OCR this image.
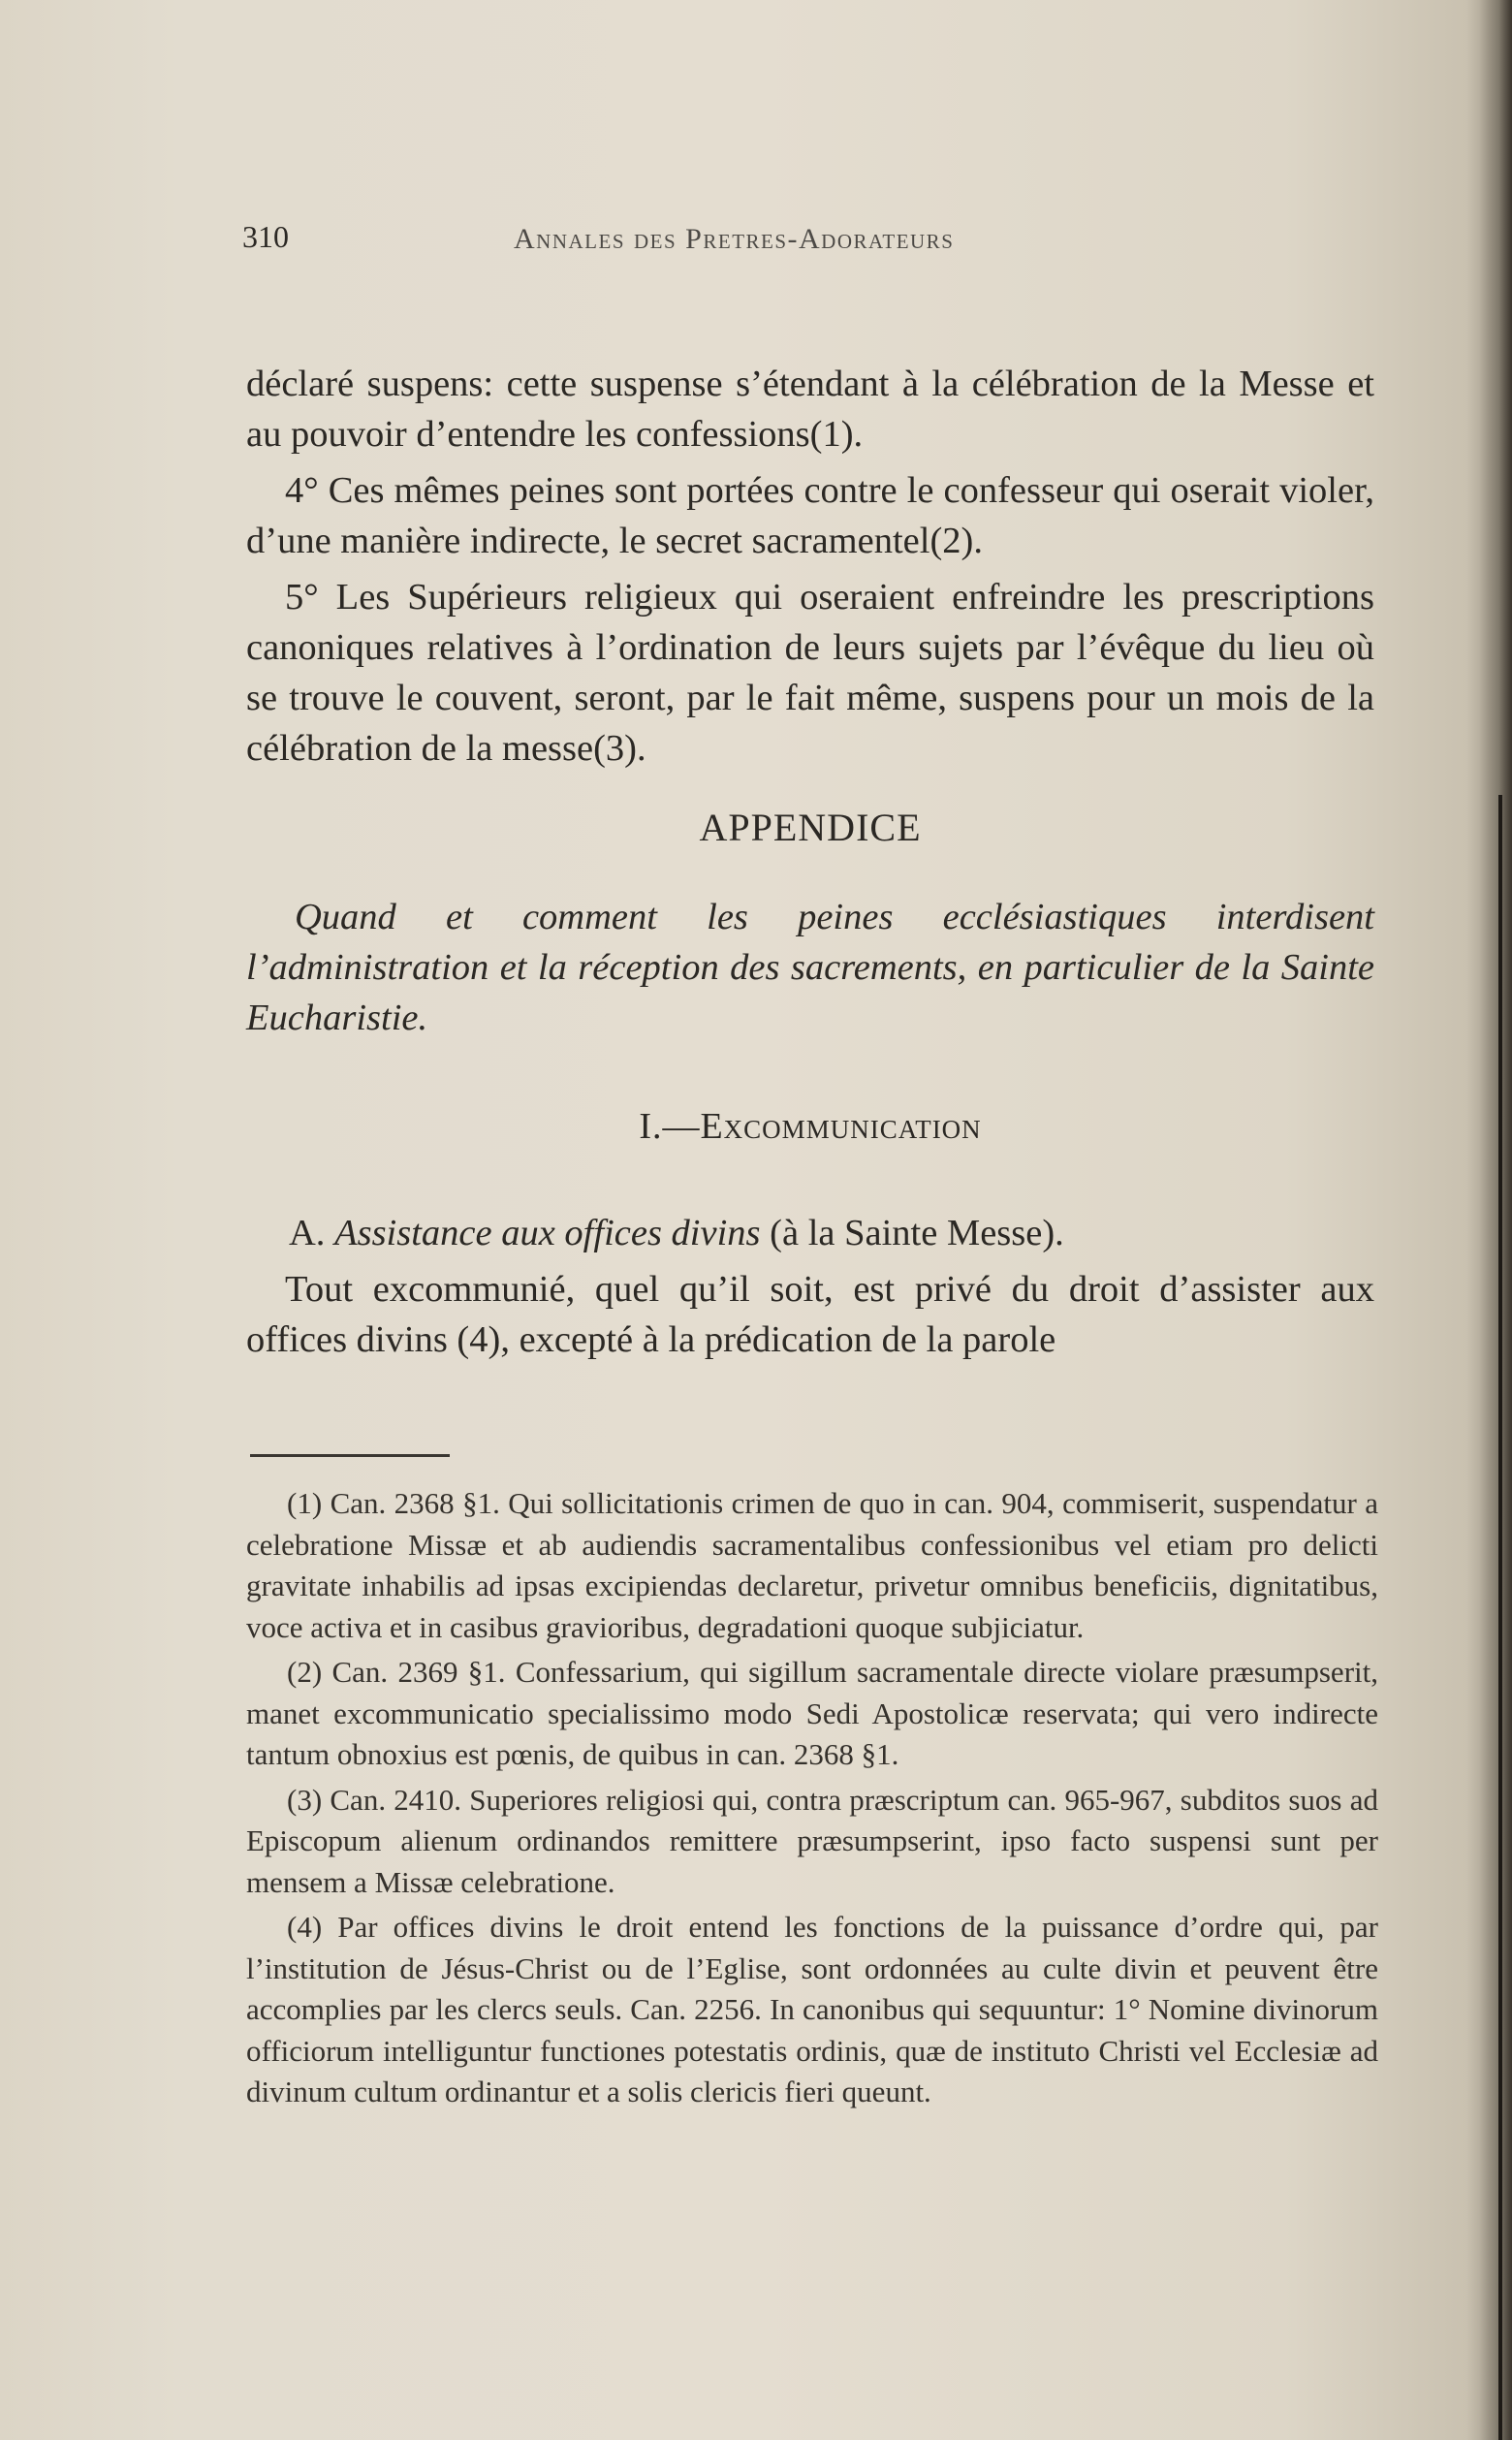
310	Annales des Pretres-Adorateurs

déclaré suspens: cette suspense s’étendant à la célébration de la Messe et au pouvoir d’entendre les confessions(1).

4° Ces mêmes peines sont portées contre le confesseur qui oserait violer, d’une manière indirecte, le secret sacramentel(2).

5° Les Supérieurs religieux qui oseraient enfreindre les prescriptions canoniques relatives à l’ordination de leurs sujets par l’évêque du lieu où se trouve le couvent, seront, par le fait même, suspens pour un mois de la célébration de la messe(3).

APPENDICE

Quand et comment les peines ecclésiastiques interdisent l’administration et la réception des sacrements, en particulier de la Sainte Eucharistie.

I.—Excommunication

A. Assistance aux offices divins (à la Sainte Messe).

Tout excommunié, quel qu’il soit, est privé du droit d’assister aux offices divins (4), excepté à la prédication de la parole

(1) Can. 2368 §1. Qui sollicitationis crimen de quo in can. 904, commiserit, suspendatur a celebratione Missæ et ab audiendis sacramentalibus confessionibus vel etiam pro delicti gravitate inhabilis ad ipsas excipiendas declaretur, privetur omnibus beneficiis, dignitatibus, voce activa et in casibus gravioribus, degradationi quoque subjiciatur.

(2) Can. 2369 §1. Confessarium, qui sigillum sacramentale directe violare præsumpserit, manet excommunicatio specialissimo modo Sedi Apostolicæ reservata; qui vero indirecte tantum obnoxius est pœnis, de quibus in can. 2368 §1.

(3) Can. 2410. Superiores religiosi qui, contra præscriptum can. 965-967, subditos suos ad Episcopum alienum ordinandos remittere præsumpserint, ipso facto suspensi sunt per mensem a Missæ celebratione.

(4) Par offices divins le droit entend les fonctions de la puissance d’ordre qui, par l’institution de Jésus-Christ ou de l’Eglise, sont ordonnées au culte divin et peuvent être accomplies par les clercs seuls. Can. 2256. In canonibus qui sequuntur: 1° Nomine divinorum officiorum intelliguntur functiones potestatis ordinis, quæ de instituto Christi vel Ecclesiæ ad divinum cultum ordinantur et a solis clericis fieri queunt.
